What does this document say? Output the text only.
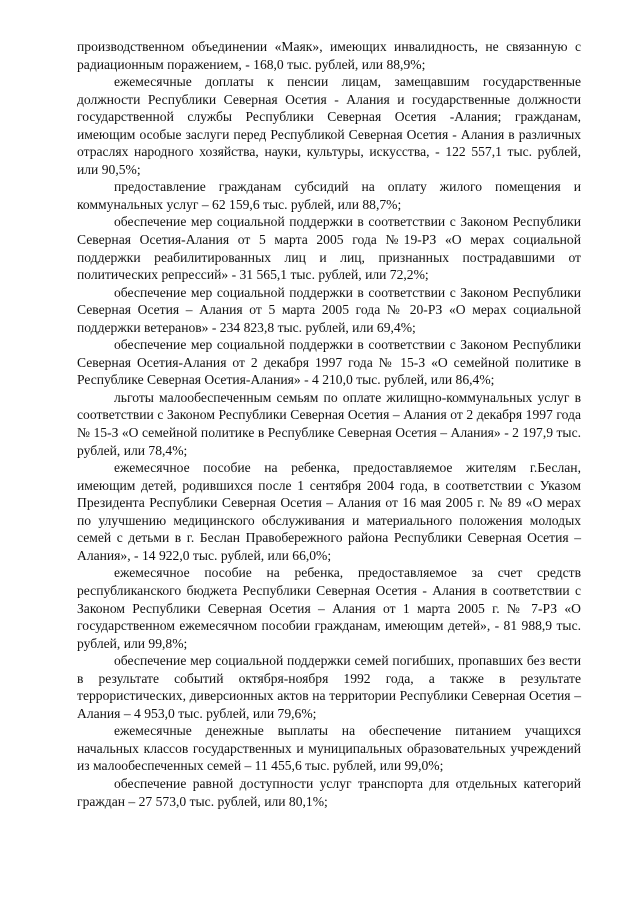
производственном объединении «Маяк», имеющих инвалидность, не связанную с радиационным поражением, - 168,0 тыс. рублей, или 88,9%;

ежемесячные доплаты к пенсии лицам, замещавшим государственные должности Республики Северная Осетия - Алания и государственные должности государственной службы Республики Северная Осетия -Алания; гражданам, имеющим особые заслуги перед Республикой Северная Осетия - Алания в различных отраслях народного хозяйства, науки, культуры, искусства, - 122 557,1 тыс. рублей, или 90,5%;

предоставление гражданам субсидий на оплату жилого помещения и коммунальных услуг – 62 159,6 тыс. рублей, или 88,7%;

обеспечение мер социальной поддержки в соответствии с Законом Республики Северная Осетия-Алания от 5 марта 2005 года №19-РЗ «О мерах социальной поддержки реабилитированных лиц и лиц, признанных пострадавшими от политических репрессий» - 31 565,1 тыс. рублей, или 72,2%;

обеспечение мер социальной поддержки в соответствии с Законом Республики Северная Осетия – Алания от 5 марта 2005 года № 20-РЗ «О мерах социальной поддержки ветеранов» - 234 823,8 тыс. рублей, или 69,4%;

обеспечение мер социальной поддержки в соответствии с Законом Республики Северная Осетия-Алания от 2 декабря 1997 года № 15-З «О семейной политике в Республике Северная Осетия-Алания» - 4 210,0 тыс. рублей, или 86,4%;

льготы малообеспеченным семьям по оплате жилищно-коммунальных услуг в соответствии с Законом Республики Северная Осетия – Алания от 2 декабря 1997 года № 15-З «О семейной политике в Республике Северная Осетия – Алания» - 2 197,9 тыс. рублей, или 78,4%;

ежемесячное пособие на ребенка, предоставляемое жителям г.Беслан, имеющим детей, родившихся после 1 сентября 2004 года, в соответствии с Указом Президента Республики Северная Осетия – Алания от 16 мая 2005 г. № 89 «О мерах по улучшению медицинского обслуживания и материального положения молодых семей с детьми в г. Беслан Правобережного района Республики Северная Осетия – Алания», - 14 922,0 тыс. рублей, или 66,0%;

ежемесячное пособие на ребенка, предоставляемое за счет средств республиканского бюджета Республики Северная Осетия - Алания в соответствии с Законом Республики Северная Осетия – Алания от 1 марта 2005 г. № 7-РЗ «О государственном ежемесячном пособии гражданам, имеющим детей», - 81 988,9 тыс. рублей, или 99,8%;

обеспечение мер социальной поддержки семей погибших, пропавших без вести в результате событий октября-ноября 1992 года, а также в результате террористических, диверсионных актов на территории Республики Северная Осетия – Алания – 4 953,0 тыс. рублей, или 79,6%;

ежемесячные денежные выплаты на обеспечение питанием учащихся начальных классов государственных и муниципальных образовательных учреждений из малообеспеченных семей – 11 455,6 тыс. рублей, или 99,0%;

обеспечение равной доступности услуг транспорта для отдельных категорий граждан – 27 573,0 тыс. рублей, или 80,1%;
